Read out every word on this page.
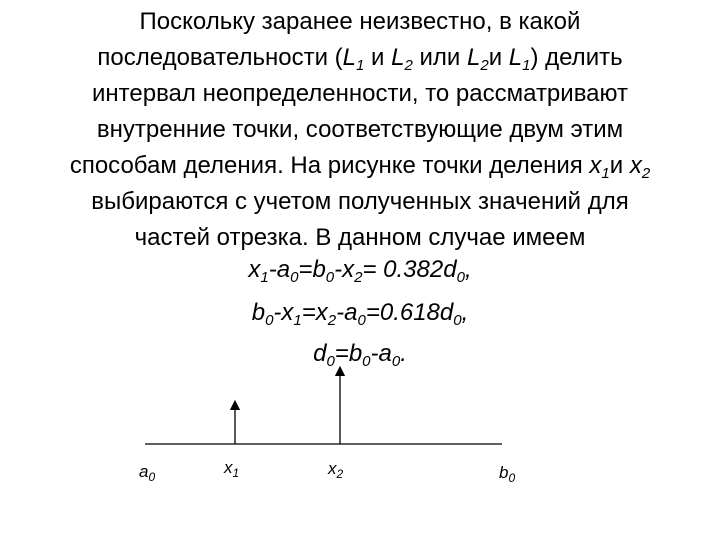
Поскольку заранее неизвестно, в какой
последовательности ($L_1$ и $L_2$ или $L_2и$ $L_1$) делить
интервал неопределенности, то рассматривают
внутренние точки, соответствующие двум этим
способам деления. На рисунке точки деления $x_1и$ $x_2$
выбираются с учетом полученных значений для
частей отрезка. В данном случае имеем
$x_1-a_0=b_0-x_2= 0.382d_0$,
$b_0-x_1=x_2-a_0=0.618d_0$,
$d_0=b_0-a_0$.
$a_0$	$x_1$	$x_2$	$b_0$
